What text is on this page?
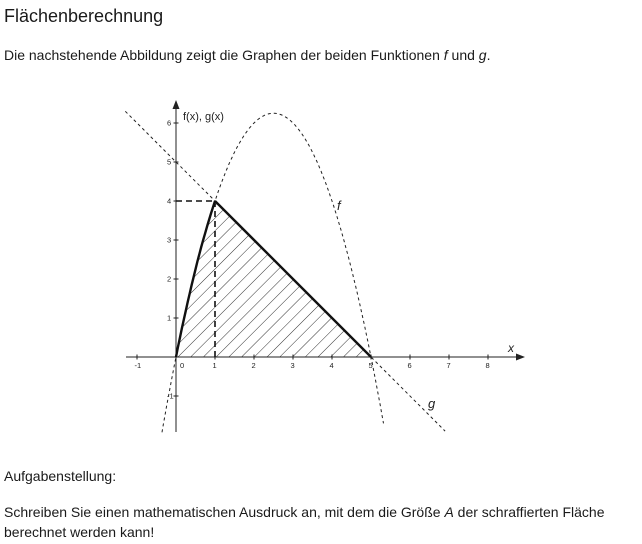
Flächenberechnung
Die nachstehende Abbildung zeigt die Graphen der beiden Funktionen f und g.
-1	0	1	2	3	4	5	6	7	8
-1
1
2
3
4
5
6 f(x), g(x)
x
f
g
Aufgabenstellung:
Schreiben Sie einen mathematischen Ausdruck an, mit dem die Größe A der schraffierten Fläche
berechnet werden kann!
